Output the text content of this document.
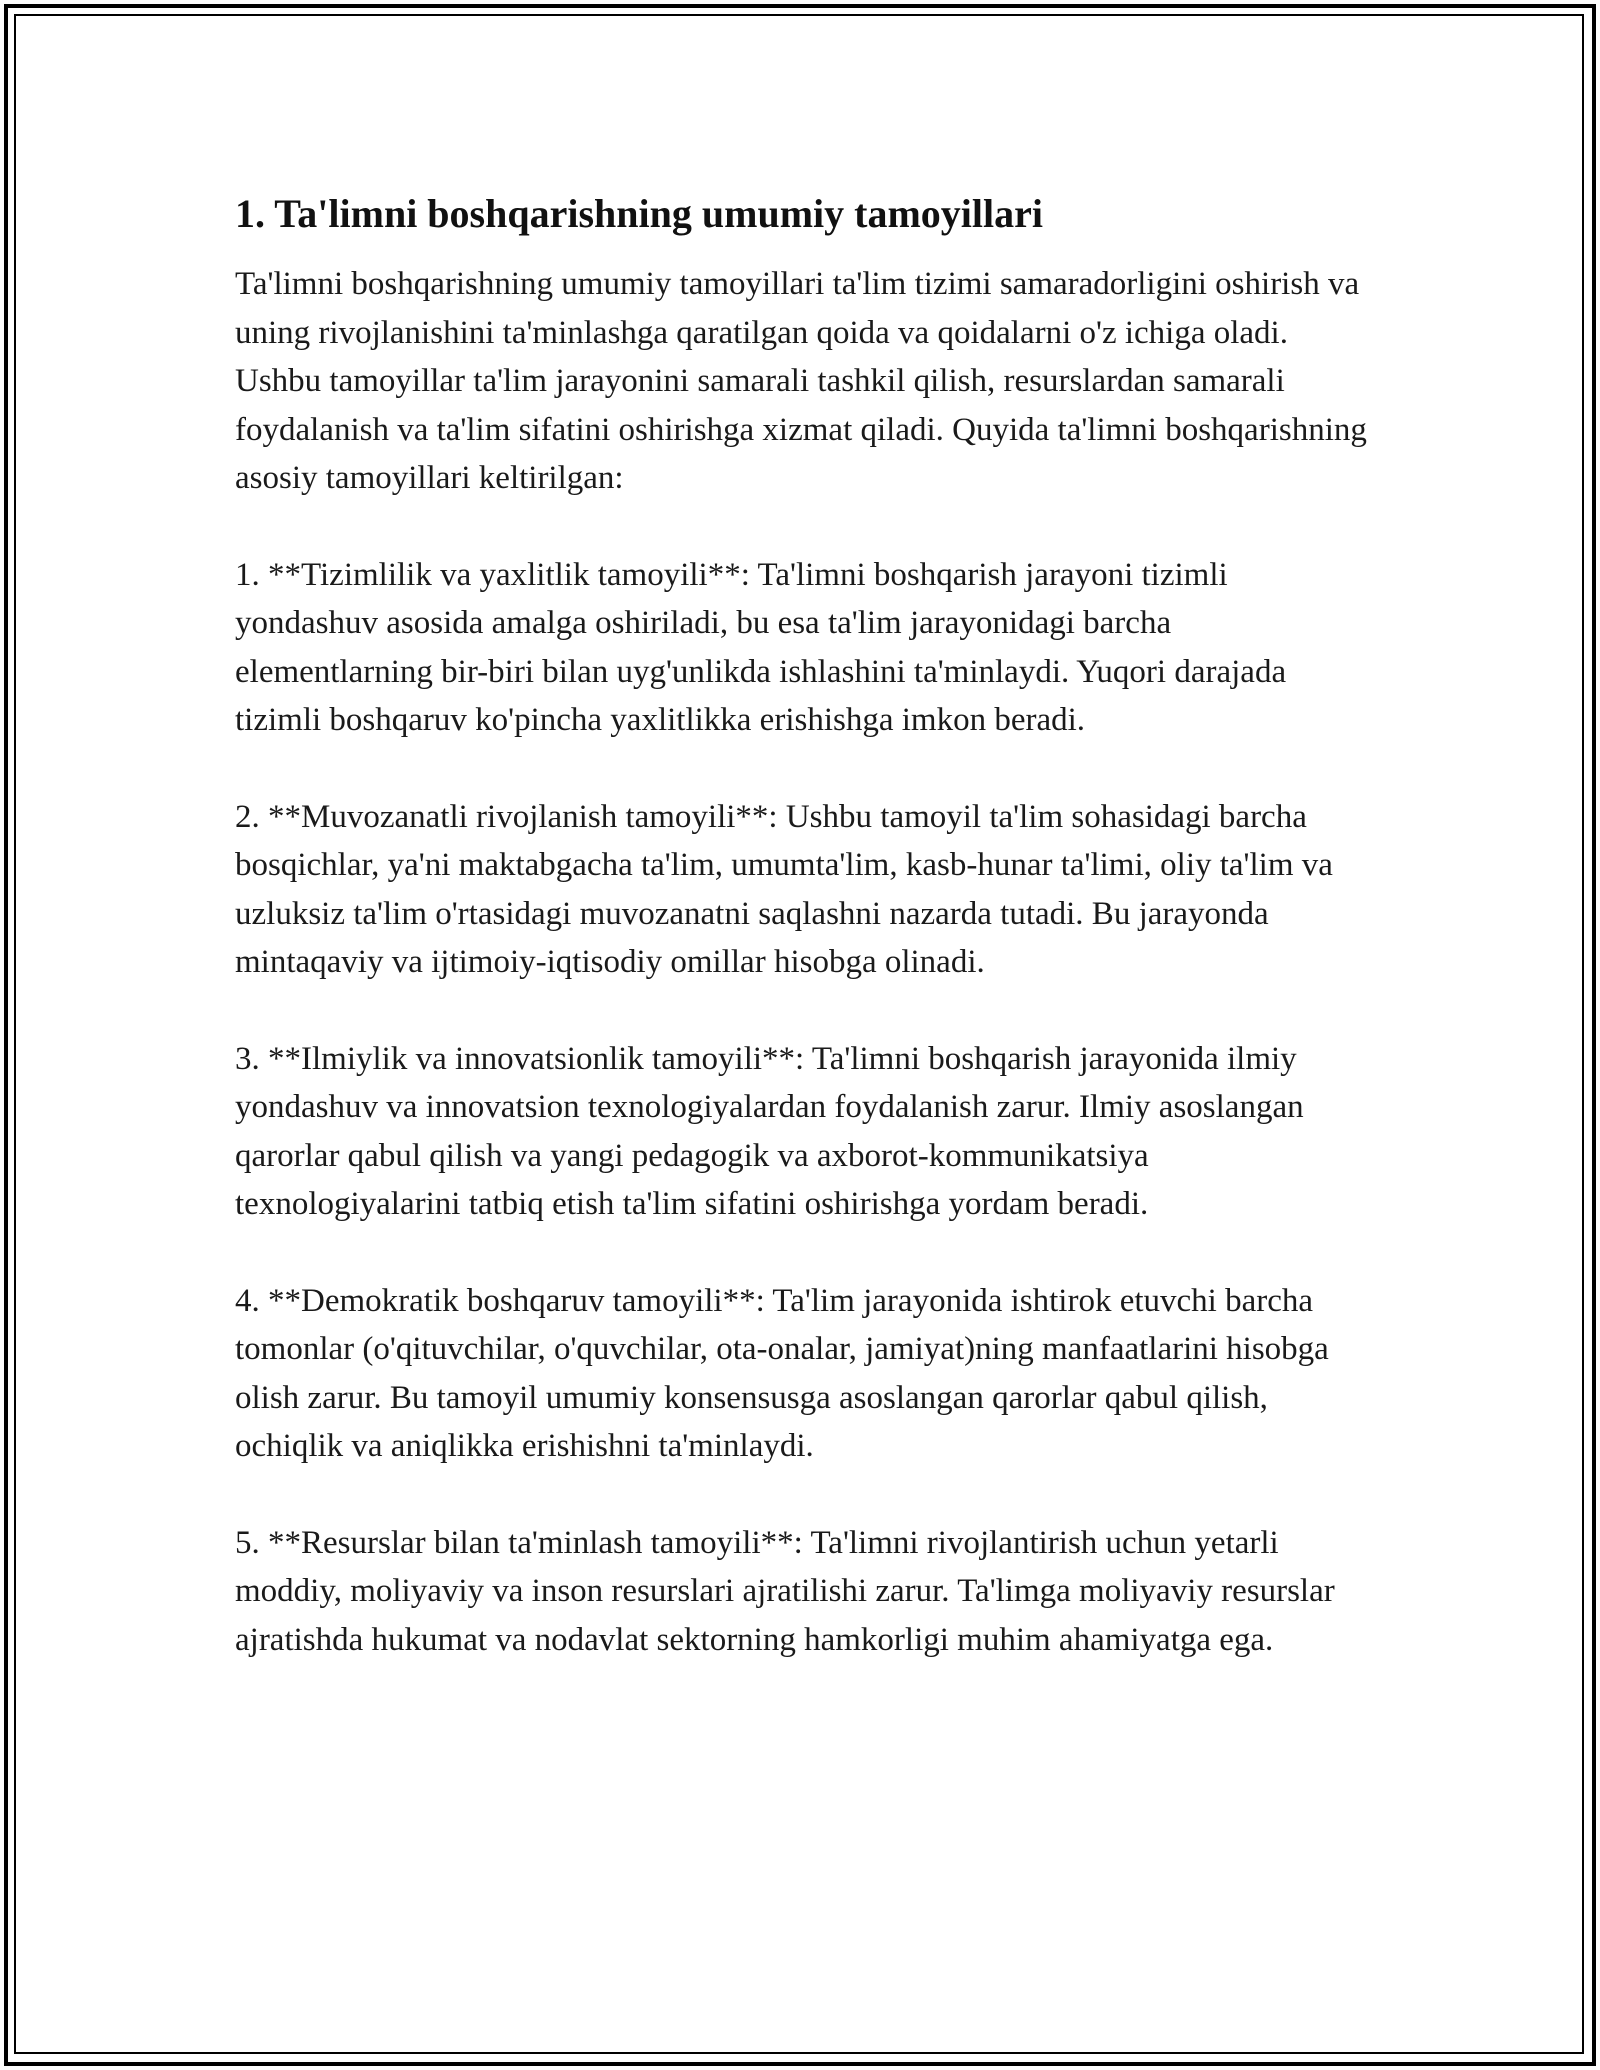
1. Ta'limni boshqarishning umumiy tamoyillari

Ta'limni boshqarishning umumiy tamoyillari ta'lim tizimi samaradorligini oshirish va uning rivojlanishini ta'minlashga qaratilgan qoida va qoidalarni o'z ichiga oladi. Ushbu tamoyillar ta'lim jarayonini samarali tashkil qilish, resurslardan samarali foydalanish va ta'lim sifatini oshirishga xizmat qiladi. Quyida ta'limni boshqarishning asosiy tamoyillari keltirilgan:

1. **Tizimlilik va yaxlitlik tamoyili**: Ta'limni boshqarish jarayoni tizimli yondashuv asosida amalga oshiriladi, bu esa ta'lim jarayonidagi barcha elementlarning bir-biri bilan uyg'unlikda ishlashini ta'minlaydi. Yuqori darajada tizimli boshqaruv ko'pincha yaxlitlikka erishishga imkon beradi.

2. **Muvozanatli rivojlanish tamoyili**: Ushbu tamoyil ta'lim sohasidagi barcha bosqichlar, ya'ni maktabgacha ta'lim, umumta'lim, kasb-hunar ta'limi, oliy ta'lim va uzluksiz ta'lim o'rtasidagi muvozanatni saqlashni nazarda tutadi. Bu jarayonda mintaqaviy va ijtimoiy-iqtisodiy omillar hisobga olinadi.

3. **Ilmiylik va innovatsionlik tamoyili**: Ta'limni boshqarish jarayonida ilmiy yondashuv va innovatsion texnologiyalardan foydalanish zarur. Ilmiy asoslangan qarorlar qabul qilish va yangi pedagogik va axborot-kommunikatsiya texnologiyalarini tatbiq etish ta'lim sifatini oshirishga yordam beradi.

4. **Demokratik boshqaruv tamoyili**: Ta'lim jarayonida ishtirok etuvchi barcha tomonlar (o'qituvchilar, o'quvchilar, ota-onalar, jamiyat)ning manfaatlarini hisobga olish zarur. Bu tamoyil umumiy konsensusga asoslangan qarorlar qabul qilish, ochiqlik va aniqlikka erishishni ta'minlaydi.

5. **Resurslar bilan ta'minlash tamoyili**: Ta'limni rivojlantirish uchun yetarli moddiy, moliyaviy va inson resurslari ajratilishi zarur. Ta'limga moliyaviy resurslar ajratishda hukumat va nodavlat sektorning hamkorligi muhim ahamiyatga ega.
